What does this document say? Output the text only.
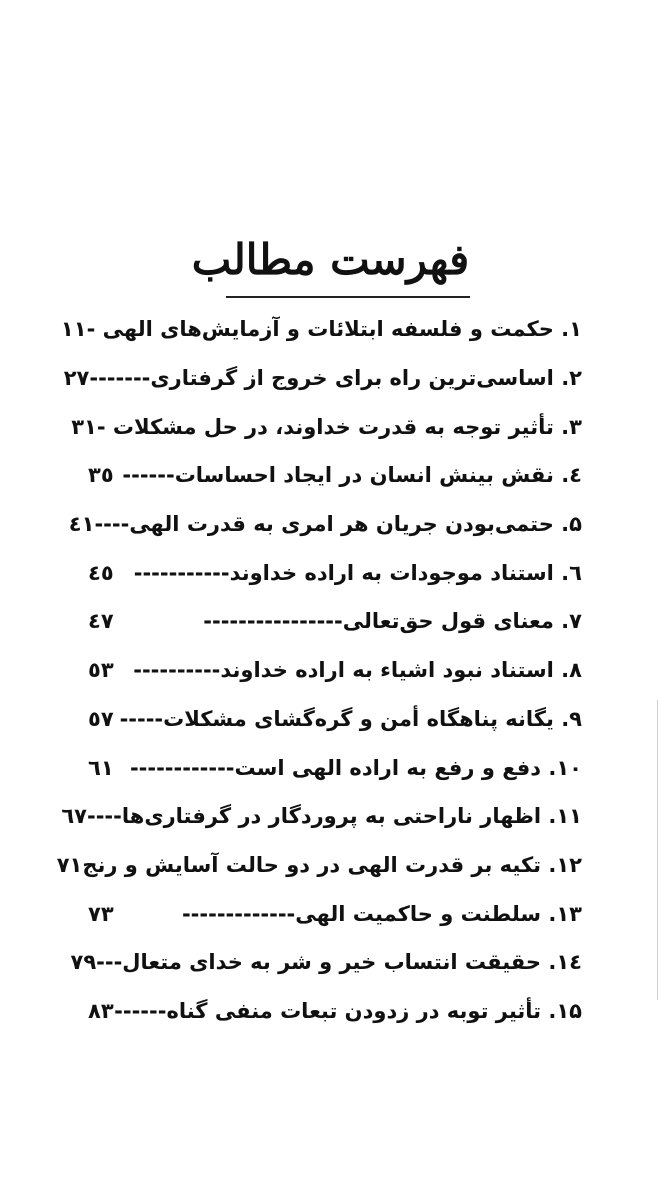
فهرست مطالب
۱. حکمت و فلسفه ابتلائات و آزمایش‌های الهی -
١١
۲. اساسی‌ترین راه برای خروج از گرفتاری-------
٢٧
۳. تأثیر توجه به قدرت خداوند، در حل مشکلات -
٣١
٤. نقش بینش انسان در ایجاد احساسات------
٣٥
۵. حتمی‌بودن جریان هر امری به قدرت الهی----
٤١
٦. استناد موجودات به اراده خداوند-----------
٤٥
۷. معنای قول حق‌تعالی----------------
٤٧
۸. استناد نبود اشیاء به اراده خداوند----------
٥٣
۹. یگانه پناهگاه أمن و گره‌گشای مشکلات-----
٥٧
۱۰. دفع و رفع به اراده الهی است------------
٦١
۱۱. اظهار ناراحتی به پروردگار در گرفتاری‌ها----
٦٧
۱۲. تکیه بر قدرت الهی در دو حالت آسایش و رنج
٧١
۱۳. سلطنت و حاکمیت الهی-------------
٧٣
۱٤. حقیقت انتساب خیر و شر به خدای متعال---
٧٩
۱۵. تأثیر توبه در زدودن تبعات منفی گناه------
٨٣
